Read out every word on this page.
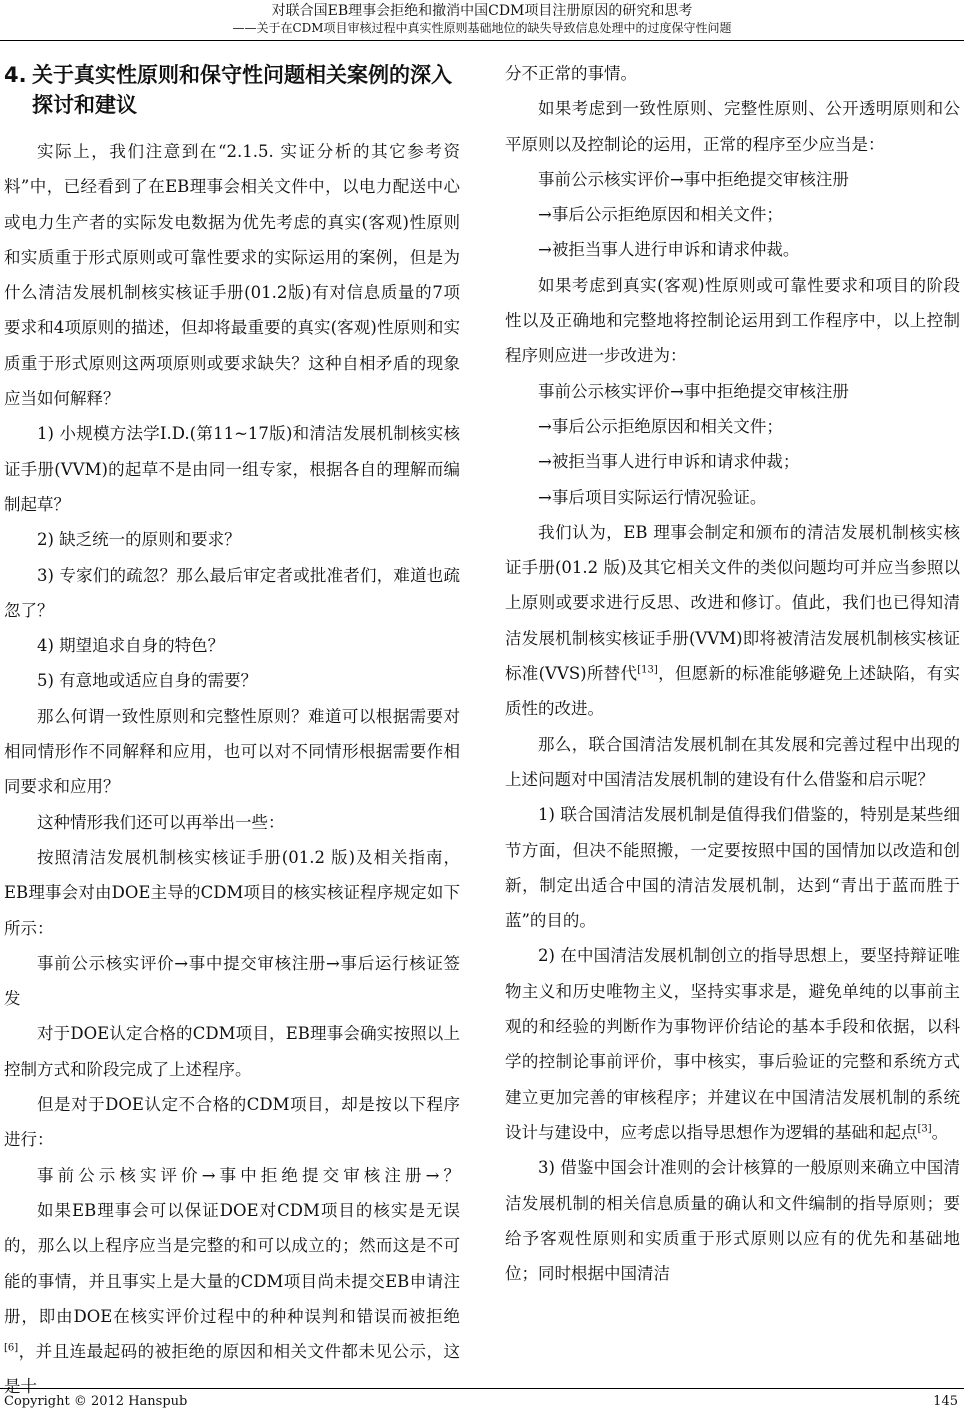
对联合国EB理事会拒绝和撤消中国CDM项目注册原因的研究和思考
——关于在CDM项目审核过程中真实性原则基础地位的缺失导致信息处理中的过度保守性问题
4. 关于真实性原则和保守性问题相关案例的深入探讨和建议

实际上，我们注意到在“2.1.5. 实证分析的其它参考资料”中，已经看到了在EB理事会相关文件中，以电力配送中心或电力生产者的实际发电数据为优先考虑的真实(客观)性原则和实质重于形式原则或可靠性要求的实际运用的案例，但是为什么清洁发展机制核实核证手册(01.2版)有对信息质量的7项要求和4项原则的描述，但却将最重要的真实(客观)性原则和实质重于形式原则这两项原则或要求缺失？这种自相矛盾的现象应当如何解释？

1) 小规模方法学I.D.(第11~17版)和清洁发展机制核实核证手册(VVM)的起草不是由同一组专家，根据各自的理解而编制起草？

2) 缺乏统一的原则和要求？

3) 专家们的疏忽？那么最后审定者或批准者们，难道也疏忽了？

4) 期望追求自身的特色？

5) 有意地或适应自身的需要？

那么何谓一致性原则和完整性原则？难道可以根据需要对相同情形作不同解释和应用，也可以对不同情形根据需要作相同要求和应用？

这种情形我们还可以再举出一些：

按照清洁发展机制核实核证手册(01.2 版)及相关指南，EB理事会对由DOE主导的CDM项目的核实核证程序规定如下所示：

事前公示核实评价→事中提交审核注册→事后运行核证签发

对于DOE认定合格的CDM项目，EB理事会确实按照以上控制方式和阶段完成了上述程序。

但是对于DOE认定不合格的CDM项目，却是按以下程序进行：

事前公示核实评价→事中拒绝提交审核注册→？

如果EB理事会可以保证DOE对CDM项目的核实是无误的，那么以上程序应当是完整的和可以成立的；然而这是不可能的事情，并且事实上是大量的CDM项目尚未提交EB申请注册，即由DOE在核实评价过程中的种种误判和错误而被拒绝[6]，并且连最起码的被拒绝的原因和相关文件都未见公示，这是十

分不正常的事情。

如果考虑到一致性原则、完整性原则、公开透明原则和公平原则以及控制论的运用，正常的程序至少应当是：

事前公示核实评价→事中拒绝提交审核注册

→事后公示拒绝原因和相关文件；

→被拒当事人进行申诉和请求仲裁。

如果考虑到真实(客观)性原则或可靠性要求和项目的阶段性以及正确地和完整地将控制论运用到工作程序中，以上控制程序则应进一步改进为：

事前公示核实评价→事中拒绝提交审核注册

→事后公示拒绝原因和相关文件；

→被拒当事人进行申诉和请求仲裁；

→事后项目实际运行情况验证。

我们认为，EB 理事会制定和颁布的清洁发展机制核实核证手册(01.2 版)及其它相关文件的类似问题均可并应当参照以上原则或要求进行反思、改进和修订。值此，我们也已得知清洁发展机制核实核证手册(VVM)即将被清洁发展机制核实核证标准(VVS)所替代[13]，但愿新的标准能够避免上述缺陷，有实质性的改进。

那么，联合国清洁发展机制在其发展和完善过程中出现的上述问题对中国清洁发展机制的建设有什么借鉴和启示呢？

1) 联合国清洁发展机制是值得我们借鉴的，特别是某些细节方面，但决不能照搬，一定要按照中国的国情加以改造和创新，制定出适合中国的清洁发展机制，达到“青出于蓝而胜于蓝”的目的。

2) 在中国清洁发展机制创立的指导思想上，要坚持辩证唯物主义和历史唯物主义，坚持实事求是，避免单纯的以事前主观的和经验的判断作为事物评价结论的基本手段和依据，以科学的控制论事前评价，事中核实，事后验证的完整和系统方式建立更加完善的审核程序；并建议在中国清洁发展机制的系统设计与建设中，应考虑以指导思想作为逻辑的基础和起点[3]。

3) 借鉴中国会计准则的会计核算的一般原则来确立中国清洁发展机制的相关信息质量的确认和文件编制的指导原则；要给予客观性原则和实质重于形式原则以应有的优先和基础地位；同时根据中国清洁

Copyright © 2012 Hanspub	145
